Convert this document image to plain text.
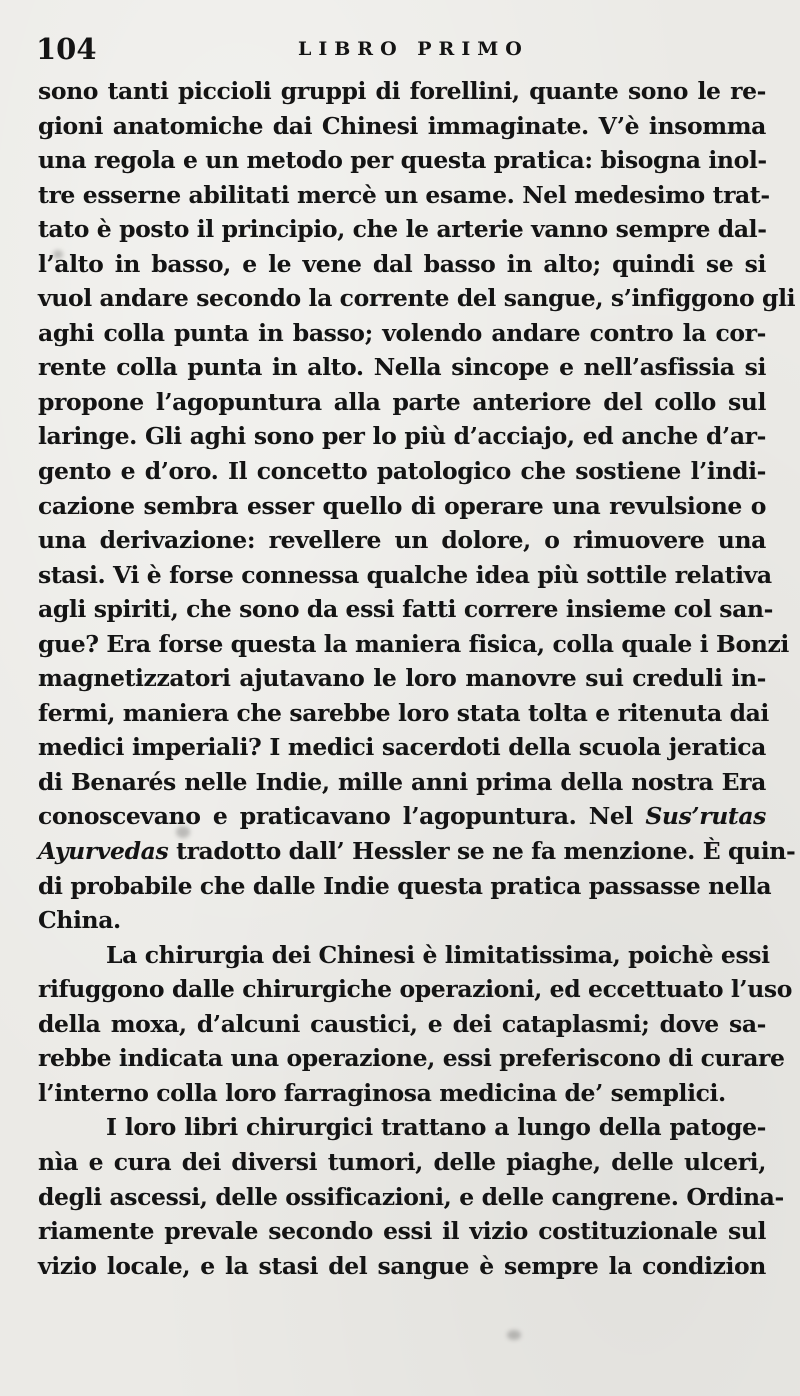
104	LIBRO PRIMO
sono tanti piccioli gruppi di forellini, quante sono le re-
gioni anatomiche dai Chinesi immaginate. V’è insomma
una regola e un metodo per questa pratica: bisogna inol-
tre esserne abilitati mercè un esame. Nel medesimo trat-
tato è posto il principio, che le arterie vanno sempre dal-
l’alto in basso, e le vene dal basso in alto; quindi se si
vuol andare secondo la corrente del sangue, s’infiggono gli
aghi colla punta in basso; volendo andare contro la cor-
rente colla punta in alto. Nella sincope e nell’asfissia si
propone l’agopuntura alla parte anteriore del collo sul
laringe. Gli aghi sono per lo più d’acciajo, ed anche d’ar-
gento e d’oro. Il concetto patologico che sostiene l’indi-
cazione sembra esser quello di operare una revulsione o
una derivazione: revellere un dolore, o rimuovere una
stasi. Vi è forse connessa qualche idea più sottile relativa
agli spiriti, che sono da essi fatti correre insieme col san-
gue? Era forse questa la maniera fisica, colla quale i Bonzi
magnetizzatori ajutavano le loro manovre sui creduli in-
fermi, maniera che sarebbe loro stata tolta e ritenuta dai
medici imperiali? I medici sacerdoti della scuola jeratica
di Benarés nelle Indie, mille anni prima della nostra Era
conoscevano e praticavano l’agopuntura. Nel Sus’rutas
Ayurvedas tradotto dall’ Hessler se ne fa menzione. È quin-
di probabile che dalle Indie questa pratica passasse nella
China.
La chirurgia dei Chinesi è limitatissima, poichè essi
rifuggono dalle chirurgiche operazioni, ed eccettuato l’uso
della moxa, d’alcuni caustici, e dei cataplasmi; dove sa-
rebbe indicata una operazione, essi preferiscono di curare
l’interno colla loro farraginosa medicina de’ semplici.
I loro libri chirurgici trattano a lungo della patoge-
nìa e cura dei diversi tumori, delle piaghe, delle ulceri,
degli ascessi, delle ossificazioni, e delle cangrene. Ordina-
riamente prevale secondo essi il vizio costituzionale sul
vizio locale, e la stasi del sangue è sempre la condizion
